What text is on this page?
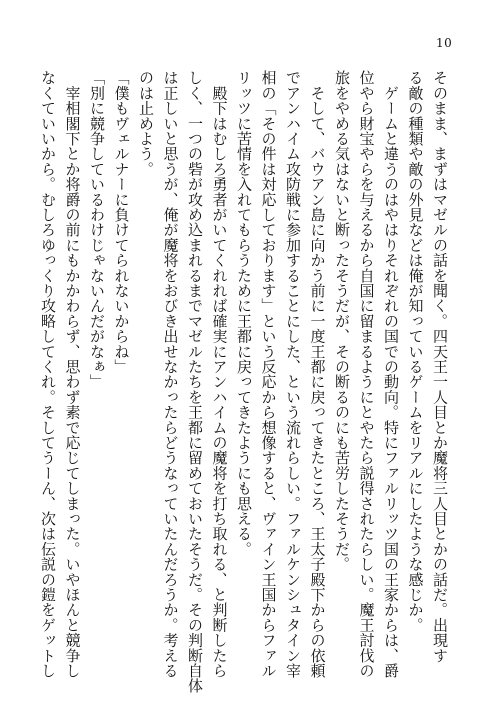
10
そのまま、まずはマゼルの話を聞く。四天王一人目とか魔将三人目とかの話だ。出現す
る敵の種類や敵の外見などは俺が知っているゲームをリアルにしたような感じか。
　ゲームと違うのはやはりそれぞれの国での動向。特にファルリッツ国の王家からは、爵
位やら財宝やらを与えるから自国に留まるようにとやたら説得されたらしい。魔王討伐の
旅をやめる気はないと断ったそうだが、その断るのにも苦労したそうだ。
　そして、バウアン島に向かう前に一度王都に戻ってきたところ、王太子殿下からの依頼
でアンハイム攻防戦に参加することにした、という流れらしい。ファルケンシュタイン宰
相の「その件は対応しております」という反応から想像すると、ヴァイン王国からファル
リッツに苦情を入れてもらうために王都に戻ってきたようにも思える。
　殿下はむしろ勇者がいてくれれば確実にアンハイムの魔将を打ち取れる、と判断したら
しく、一つの砦が攻め込まれるまでマゼルたちを王都に留めておいたそうだ。その判断自体
は正しいと思うが、俺が魔将をおびき出せなかったらどうなっていたんだろうか。考える
のは止めよう。
「僕もヴェルナーに負けてられないからね」
「別に競争しているわけじゃないんだがなぁ」
　宰相閣下とか将爵の前にもかかわらず、思わず素で応じてしまった。いやほんと競争し
なくていいから。むしろゆっくり攻略してくれ。そしてうーん、次は伝説の鎧をゲットし
